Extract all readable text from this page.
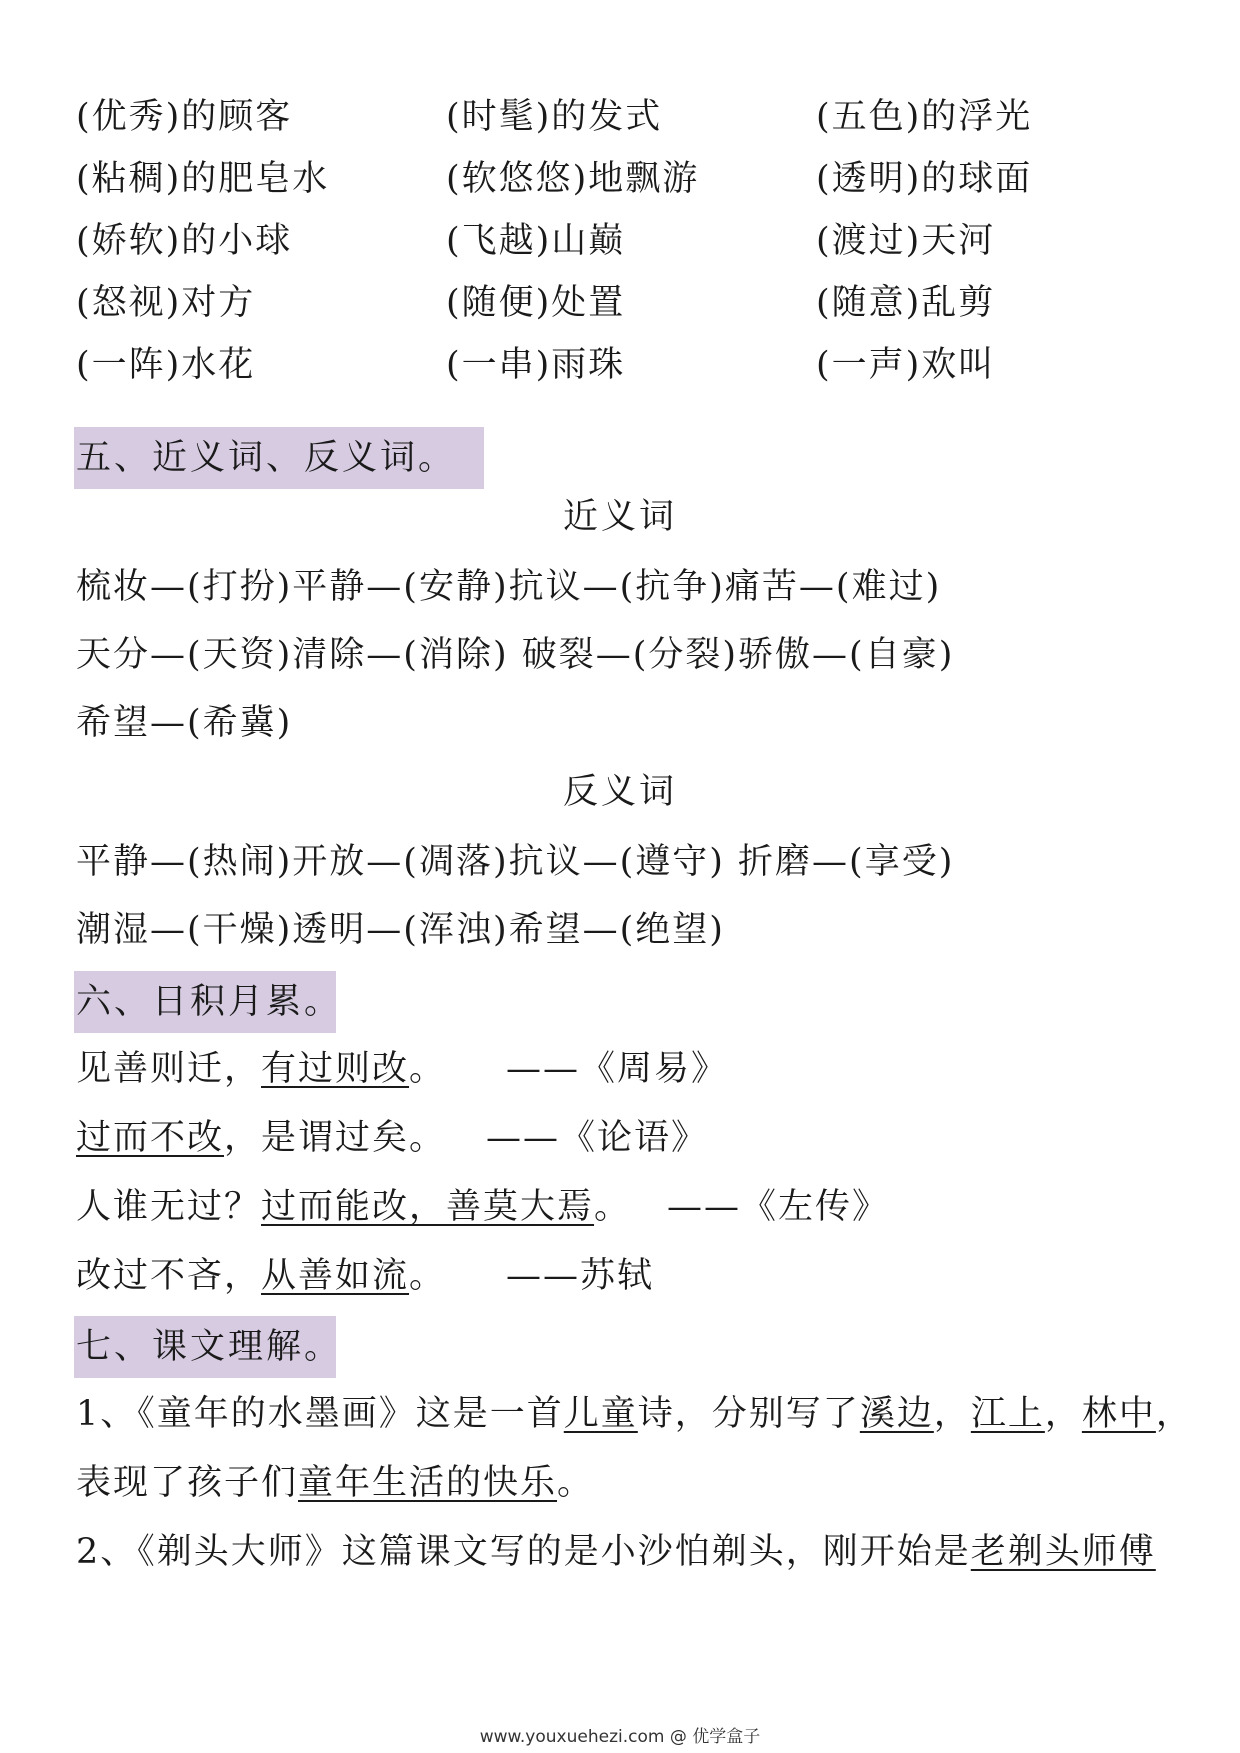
(优秀)的顾客	(时髦)的发式	(五色)的浮光
(粘稠)的肥皂水	(软悠悠)地飘游	(透明)的球面
(娇软)的小球	(飞越)山巅	(渡过)天河
(怒视)对方	(随便)处置	(随意)乱剪
(一阵)水花	(一串)雨珠	(一声)欢叫
五、近义词、反义词。
近义词
梳妆—(打扮)平静—(安静)抗议—(抗争)痛苦—(难过)
天分—(天资)清除—(消除) 破裂—(分裂)骄傲—(自豪)
希望—(希冀)
反义词
平静—(热闹)开放—(凋落)抗议—(遵守) 折磨—(享受)
潮湿—(干燥)透明—(浑浊)希望—(绝望)
六、日积月累。
见善则迁，有过则改。 ——《周易》
过而不改，是谓过矣。 ——《论语》
人谁无过？过而能改，善莫大焉。 ——《左传》
改过不吝，从善如流。 ——苏轼
七、课文理解。
1、《童年的水墨画》这是一首儿童诗，分别写了溪边，江上，林中，
表现了孩子们童年生活的快乐。
2、《剃头大师》这篇课文写的是小沙怕剃头，刚开始是老剃头师傅
www.youxuehezi.com @ 优学盒子
